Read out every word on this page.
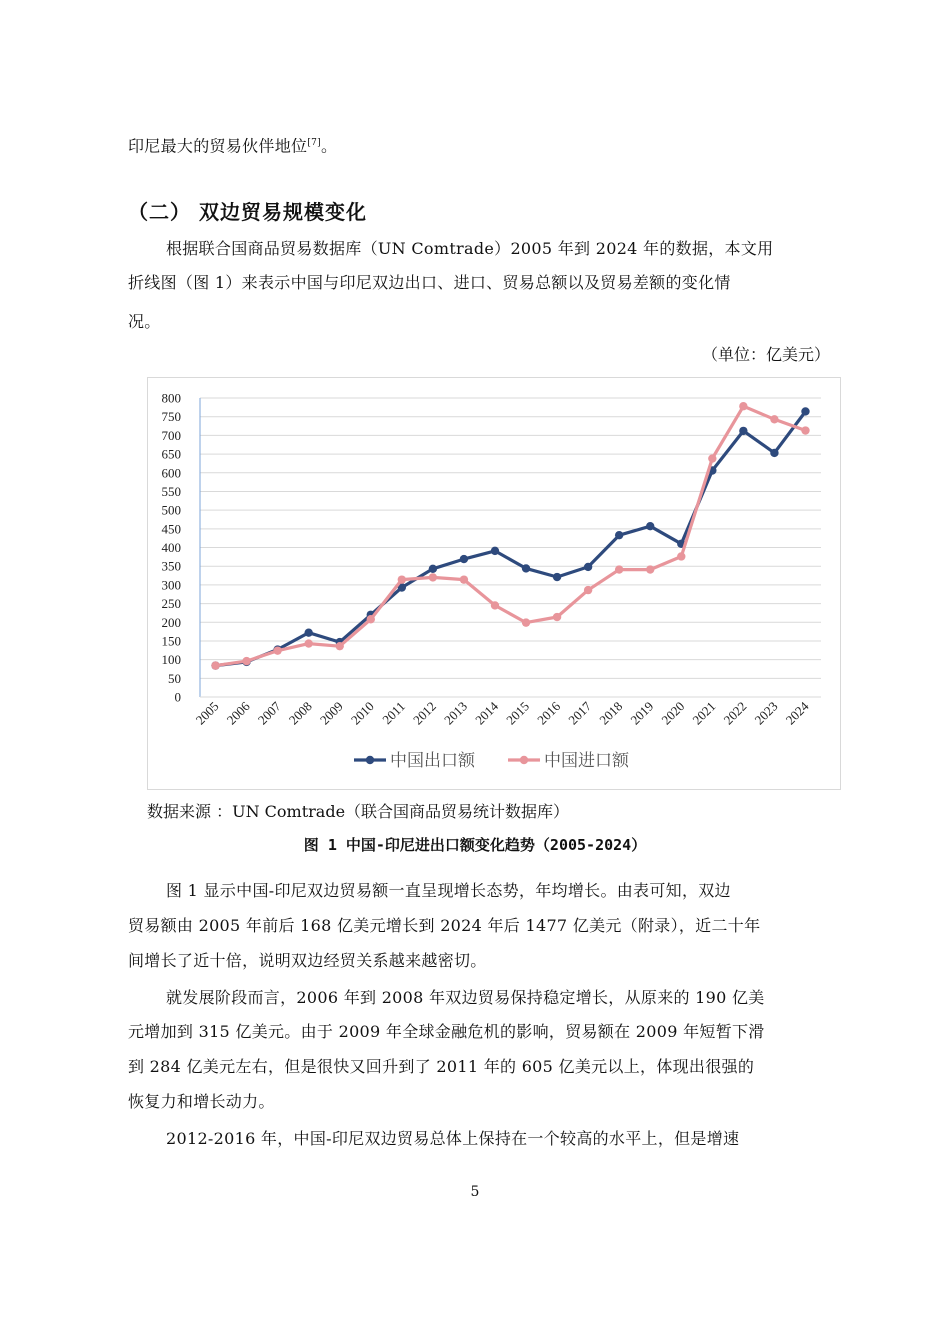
印尼最大的贸易伙伴地位[7]。
（二） 双边贸易规模变化
根据联合国商品贸易数据库（UN Comtrade）2005 年到 2024 年的数据，本文用
折线图（图 1）来表示中国与印尼双边出口、进口、贸易总额以及贸易差额的变化情
况。
（单位：亿美元）
0
50
100
150
200
250
300
350
400
450
500
550
600
650
700
750
800
2005 2006 2007 2008 2009 2010 2011 2012 2013 2014 2015 2016 2017 2018 2019 2020 2021 2022 2023 2024
中国出口额	中国进口额
数据来源 ：UN Comtrade（联合国商品贸易统计数据库）
图 1 中国-印尼进出口额变化趋势（2005-2024）
图 1 显示中国-印尼双边贸易额一直呈现增长态势，年均增长。由表可知，双边
贸易额由 2005 年前后 168 亿美元增长到 2024 年后 1477 亿美元（附录），近二十年
间增长了近十倍，说明双边经贸关系越来越密切。
就发展阶段而言，2006 年到 2008 年双边贸易保持稳定增长，从原来的 190 亿美
元增加到 315 亿美元。由于 2009 年全球金融危机的影响，贸易额在 2009 年短暂下滑
到 284 亿美元左右，但是很快又回升到了 2011 年的 605 亿美元以上，体现出很强的
恢复力和增长动力。
2012-2016 年，中国-印尼双边贸易总体上保持在一个较高的水平上，但是增速
5
